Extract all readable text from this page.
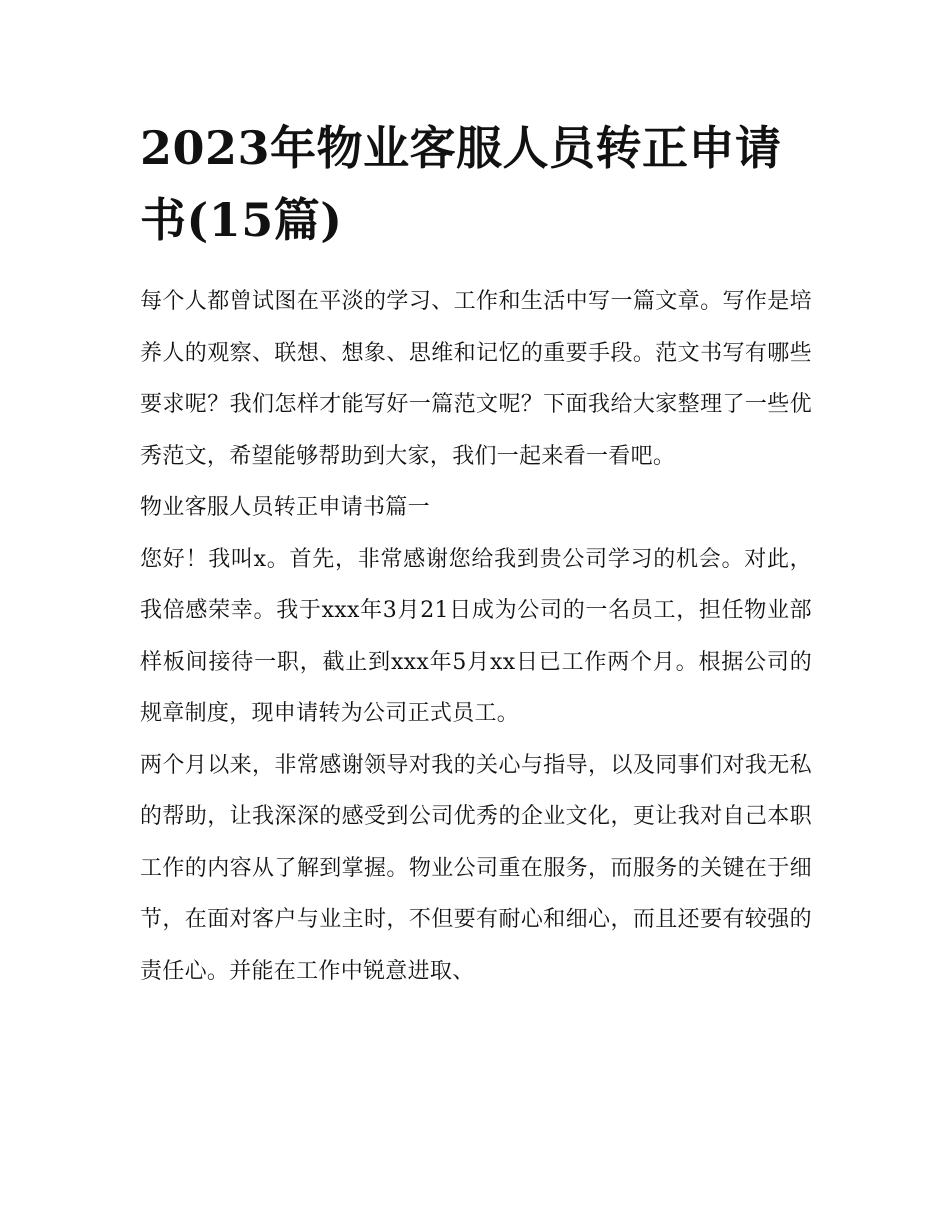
2023年物业客服人员转正申请书(15篇)

每个人都曾试图在平淡的学习、工作和生活中写一篇文章。写作是培养人的观察、联想、想象、思维和记忆的重要手段。范文书写有哪些要求呢？我们怎样才能写好一篇范文呢？下面我给大家整理了一些优秀范文，希望能够帮助到大家，我们一起来看一看吧。

物业客服人员转正申请书篇一

您好！我叫x。首先，非常感谢您给我到贵公司学习的机会。对此，我倍感荣幸。我于xxx年3月21日成为公司的一名员工，担任物业部样板间接待一职，截止到xxx年5月xx日已工作两个月。根据公司的规章制度，现申请转为公司正式员工。

两个月以来，非常感谢领导对我的关心与指导，以及同事们对我无私的帮助，让我深深的感受到公司优秀的企业文化，更让我对自己本职工作的内容从了解到掌握。物业公司重在服务，而服务的关键在于细节，在面对客户与业主时，不但要有耐心和细心，而且还要有较强的责任心。并能在工作中锐意进取、
